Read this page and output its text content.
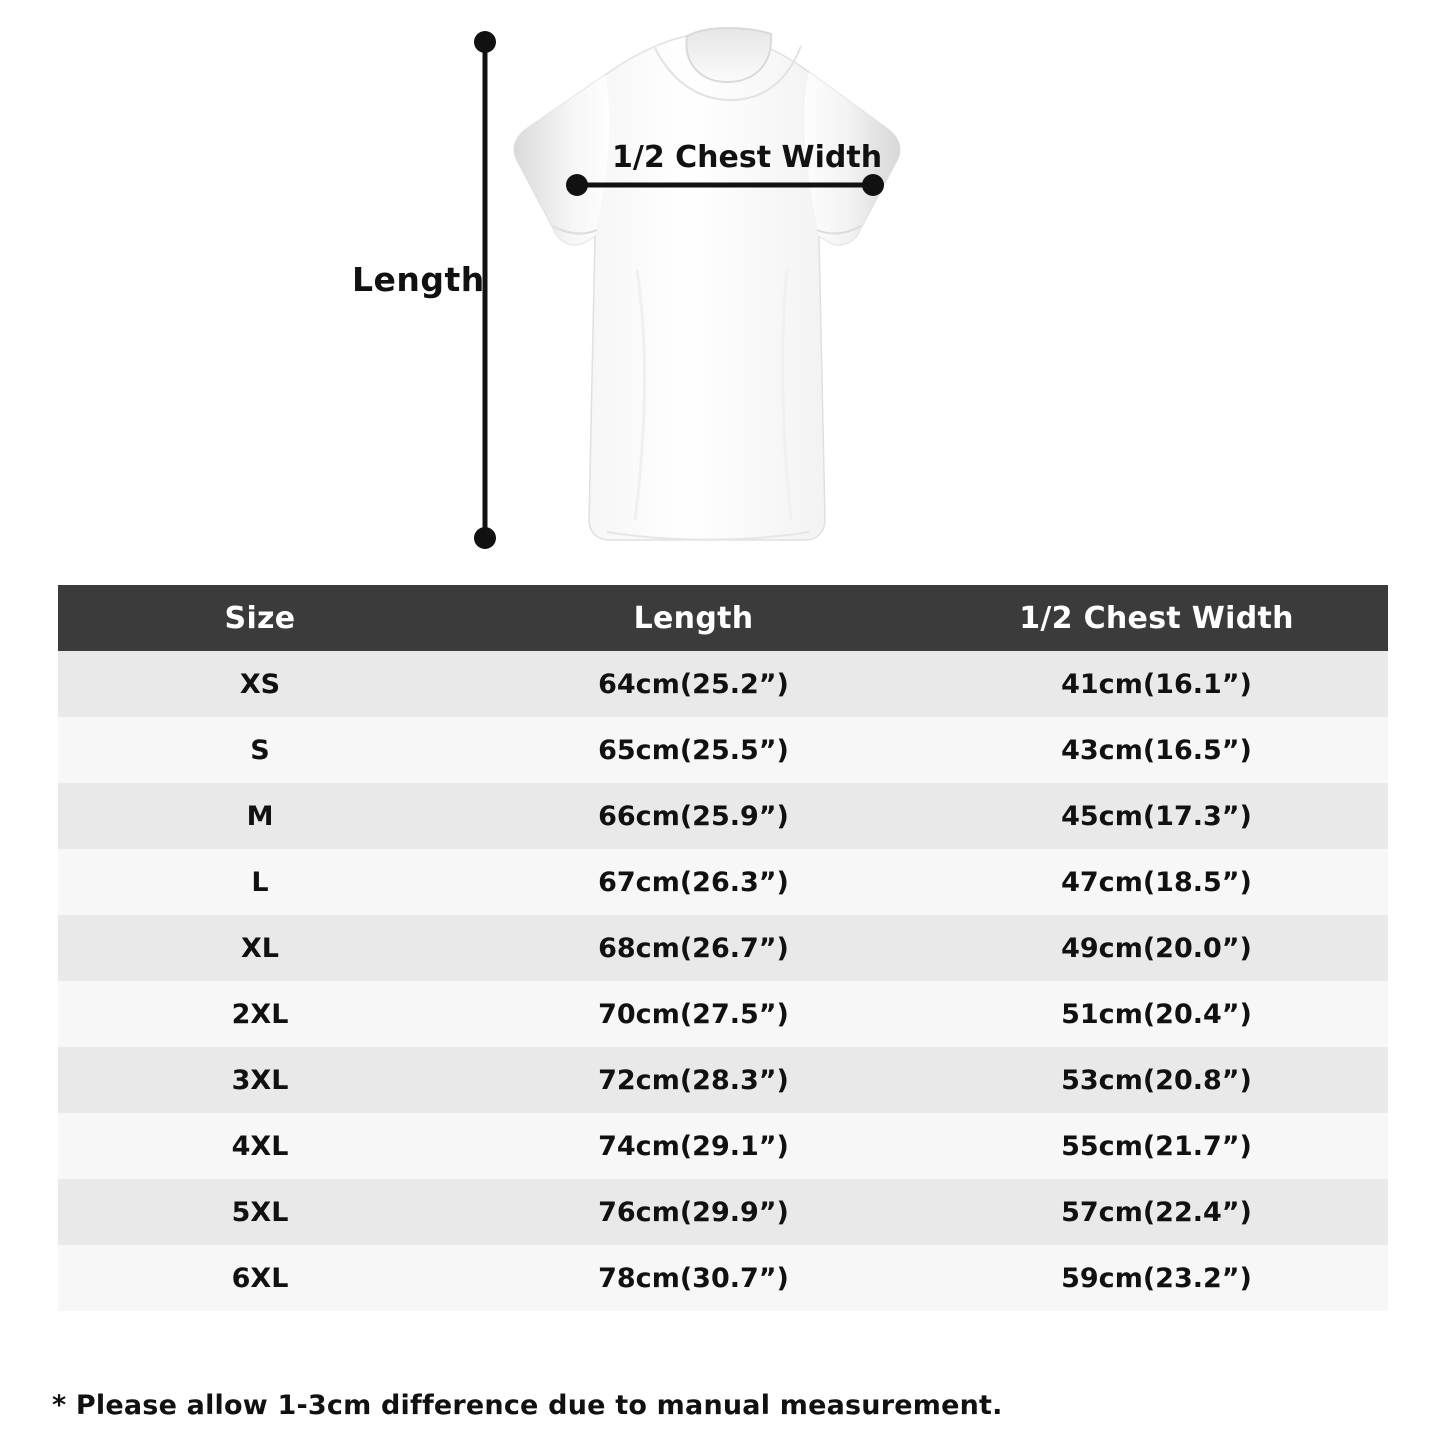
Length
1/2 Chest Width
Size	Length	1/2 Chest Width
XS	64cm(25.2”)	41cm(16.1”)
S	65cm(25.5”)	43cm(16.5”)
M	66cm(25.9”)	45cm(17.3”)
L	67cm(26.3”)	47cm(18.5”)
XL	68cm(26.7”)	49cm(20.0”)
2XL	70cm(27.5”)	51cm(20.4”)
3XL	72cm(28.3”)	53cm(20.8”)
4XL	74cm(29.1”)	55cm(21.7”)
5XL	76cm(29.9”)	57cm(22.4”)
6XL	78cm(30.7”)	59cm(23.2”)
* Please allow 1-3cm difference due to manual measurement.
